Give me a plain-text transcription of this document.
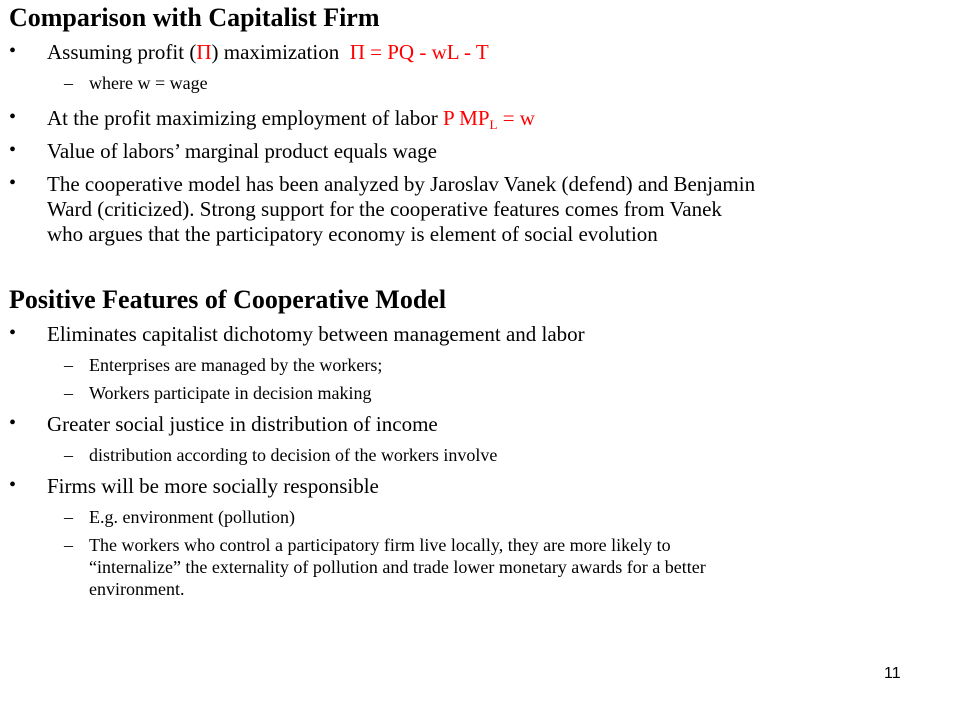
Comparison with Capitalist Firm
• Assuming profit (Π) maximization Π = PQ - wL - T
– where w = wage
• At the profit maximizing employment of labor P $MP_L = w$
• Value of labors’ marginal product equals wage
• The cooperative model has been analyzed by Jaroslav Vanek (defend) and Benjamin
Ward (criticized). Strong support for the cooperative features comes from Vanek
who argues that the participatory economy is element of social evolution
Positive Features of Cooperative Model
• Eliminates capitalist dichotomy between management and labor
– Enterprises are managed by the workers;
– Workers participate in decision making
• Greater social justice in distribution of income
– distribution according to decision of the workers involve
• Firms will be more socially responsible
– E.g. environment (pollution)
– The workers who control a participatory firm live locally, they are more likely to
“internalize” the externality of pollution and trade lower monetary awards for a better
environment.
11
